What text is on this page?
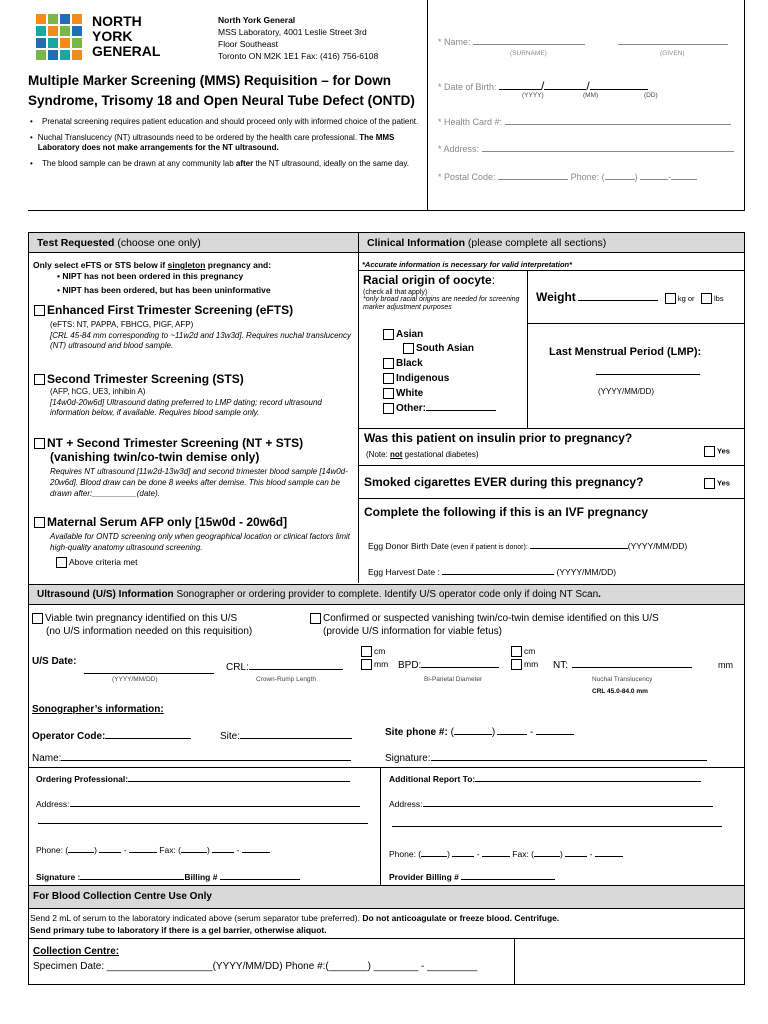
NORTH
YORK
GENERAL
North York General
MSS Laboratory, 4001 Leslie Street 3rd
Floor Southeast
Toronto ON M2K 1E1 Fax: (416) 756-6108
Multiple Marker Screening (MMS) Requisition – for Down
Syndrome, Trisomy 18 and Open Neural Tube Defect (ONTD)
•	Prenatal screening requires patient education and should proceed only with informed choice of the patient.
• Nuchal Translucency (NT) ultrasounds need to be ordered by the health care professional. The MMS Laboratory does not make arrangements for the NT ultrasound.
•	The blood sample can be drawn at any community lab after the NT ultrasound, ideally on the same day.
* Name:
(SURNAME)	(GIVEN)
* Date of Birth:	/	/
(YYYY)	(MM)	(DD)
* Health Card #:
* Address:
* Postal Code:	Phone: (	)	-
Test Requested (choose one only)	Clinical Information (please complete all sections)
Only select eFTS or STS below if singleton pregnancy and:
• NIPT has not been ordered in this pregnancy
• NIPT has been ordered, but has been uninformative
Enhanced First Trimester Screening (eFTS)
(eFTS: NT, PAPPA, FBHCG, PIGF, AFP)
[CRL 45-84 mm corresponding to ~11w2d and 13w3d]. Requires nuchal translucency (NT) ultrasound and blood sample.
Second Trimester Screening (STS)
(AFP, hCG, UE3, inhibin A)
[14w0d-20w6d] Ultrasound dating preferred to LMP dating; record ultrasound information below, if available. Requires blood sample only.
NT + Second Trimester Screening (NT + STS)
(vanishing twin/co-twin demise only)
Requires NT ultrasound [11w2d-13w3d] and second trimester blood sample [14w0d-20w6d]. Blood draw can be done 8 weeks after demise. This blood sample can be drawn after:__________(date).
Maternal Serum AFP only [15w0d - 20w6d]
Available for ONTD screening only when geographical location or clinical factors limit high-quality anatomy ultrasound screening.
Above criteria met
*Accurate information is necessary for valid interpretation*
Racial origin of oocyte:
(check all that apply)
*only broad racial origins are needed for screening marker adjustment purposes
Asian
South Asian
Black
Indigenous
White
Other:
Weight	kg or	lbs
Last Menstrual Period (LMP):
(YYYY/MM/DD)
Was this patient on insulin prior to pregnancy?
(Note: not gestational diabetes)	Yes
Smoked cigarettes EVER during this pregnancy?	Yes
Complete the following if this is an IVF pregnancy
Egg Donor Birth Date (even if patient is donor):	(YYYY/MM/DD)
Egg Harvest Date :	(YYYY/MM/DD)
Ultrasound (U/S) Information Sonographer or ordering provider to complete. Identify U/S operator code only if doing NT Scan.
Viable twin pregnancy identified on this U/S
(no U/S information needed on this requisition)
Confirmed or suspected vanishing twin/co-twin demise identified on this U/S
(provide U/S information for viable fetus)
U/S Date:
(YYYY/MM/DD)
CRL:
Crown-Rump Length
cm
mm BPD:
Bi-Parietal Diameter
cm
mm NT:	mm
Nuchal Translucency
CRL 45.0-84.0 mm
Sonographer’s information:
Operator Code:	Site:	Site phone #: (	)	-
Name:	Signature:
Ordering Professional:
Address:
Phone: (	)	-	Fax: (	)	-
Signature :	Billing #
Additional Report To:
Address:
Phone: (	)	-	Fax: (	)	-
Provider Billing #
For Blood Collection Centre Use Only
Send 2 mL of serum to the laboratory indicated above (serum separator tube preferred). Do not anticoagulate or freeze blood. Centrifuge.
Send primary tube to laboratory if there is a gel barrier, otherwise aliquot.
Collection Centre:
Specimen Date: ___________________(YYYY/MM/DD) Phone #:(_______) ________ - _________
